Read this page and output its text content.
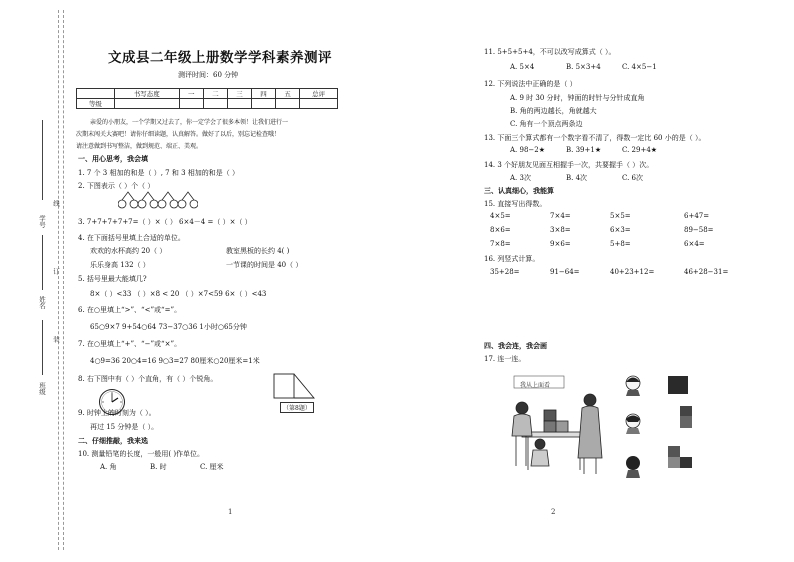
学号
线
订
姓名
装
班级
文成县二年级上册数学学科素养测评
测评时间：60 分钟
	书写态度	一	二	三	四	五	总评
等级							
亲爱的小朋友，一个学期又过去了，你一定学会了很多本领！让我们进行一
次期末闯关大赛吧！请你仔细读题，认真解答。做好了以后，别忘记检查哦！
请注意做到书写整洁，做到规范、端正、美观。
一、用心思考，我会填
1. 7 个 3 相加的和是（ ）, 7 和 3 相加的和是（ ）
2. 下图表示（ ）个（ ）
3. 7+7+7+7+7=（ ）×（ ） 6×4－4 =（ ）×（ ）
4. 在下面括号里填上合适的单位。
欢欢的水杯高约 20（ ）	教室黑板的长约 4( )
乐乐身高 132（ ）	一节课的时间是 40（ ）
5. 括号里最大能填几?
8×（ ）<33 （ ）×8 < 20 （ ）×7<59 6×（ ）<43
6. 在○里填上“>”、“<”或“=”。
65○9×7 9+54○64 73−37○36 1小时○65分钟
7. 在○里填上“+”、“−”或“×”。
4○9=36 20○4=16 9○3=27 80厘米○20厘米=1米
8. 右下图中有（ ）个直角，有（ ）个锐角。
（第8题）
9. 时钟上的时刻为（ ）。
再过 15 分钟是（ ）。
二、仔细推敲，我来选
10. 测量铅笔的长度，一般用( )作单位。
A. 角	B. 时	C. 厘米
1
11. 5+5+5+4，不可以改写成算式（ ）。
A. 5×4	B. 5×3+4	C. 4×5−1
12. 下列说法中正确的是（ ）
A. 9 时 30 分时，钟面的时针与分针成直角
B. 角的两边越长，角就越大
C. 角有一个顶点两条边
13. 下面三个算式都有一个数字看不清了，得数一定比 60 小的是（ ）。
A. 98−2★	B. 39+1★	C. 29+4★
14. 3 个好朋友见面互相握手一次，共要握手（ ）次。
A. 3次	B. 4次	C. 6次
三、认真细心，我能算
15. 直接写出得数。
4×5=	7×4=	5×5=	6+47=
8×6=	3×8=	6×3=	89−58=
7×8=	9×6=	5+8=	6×4=
16. 列竖式计算。
35+28=	91−64=	40+23+12=	46+28−31=
四、我会连，我会画
17. 连一连。
我从上面看
2
